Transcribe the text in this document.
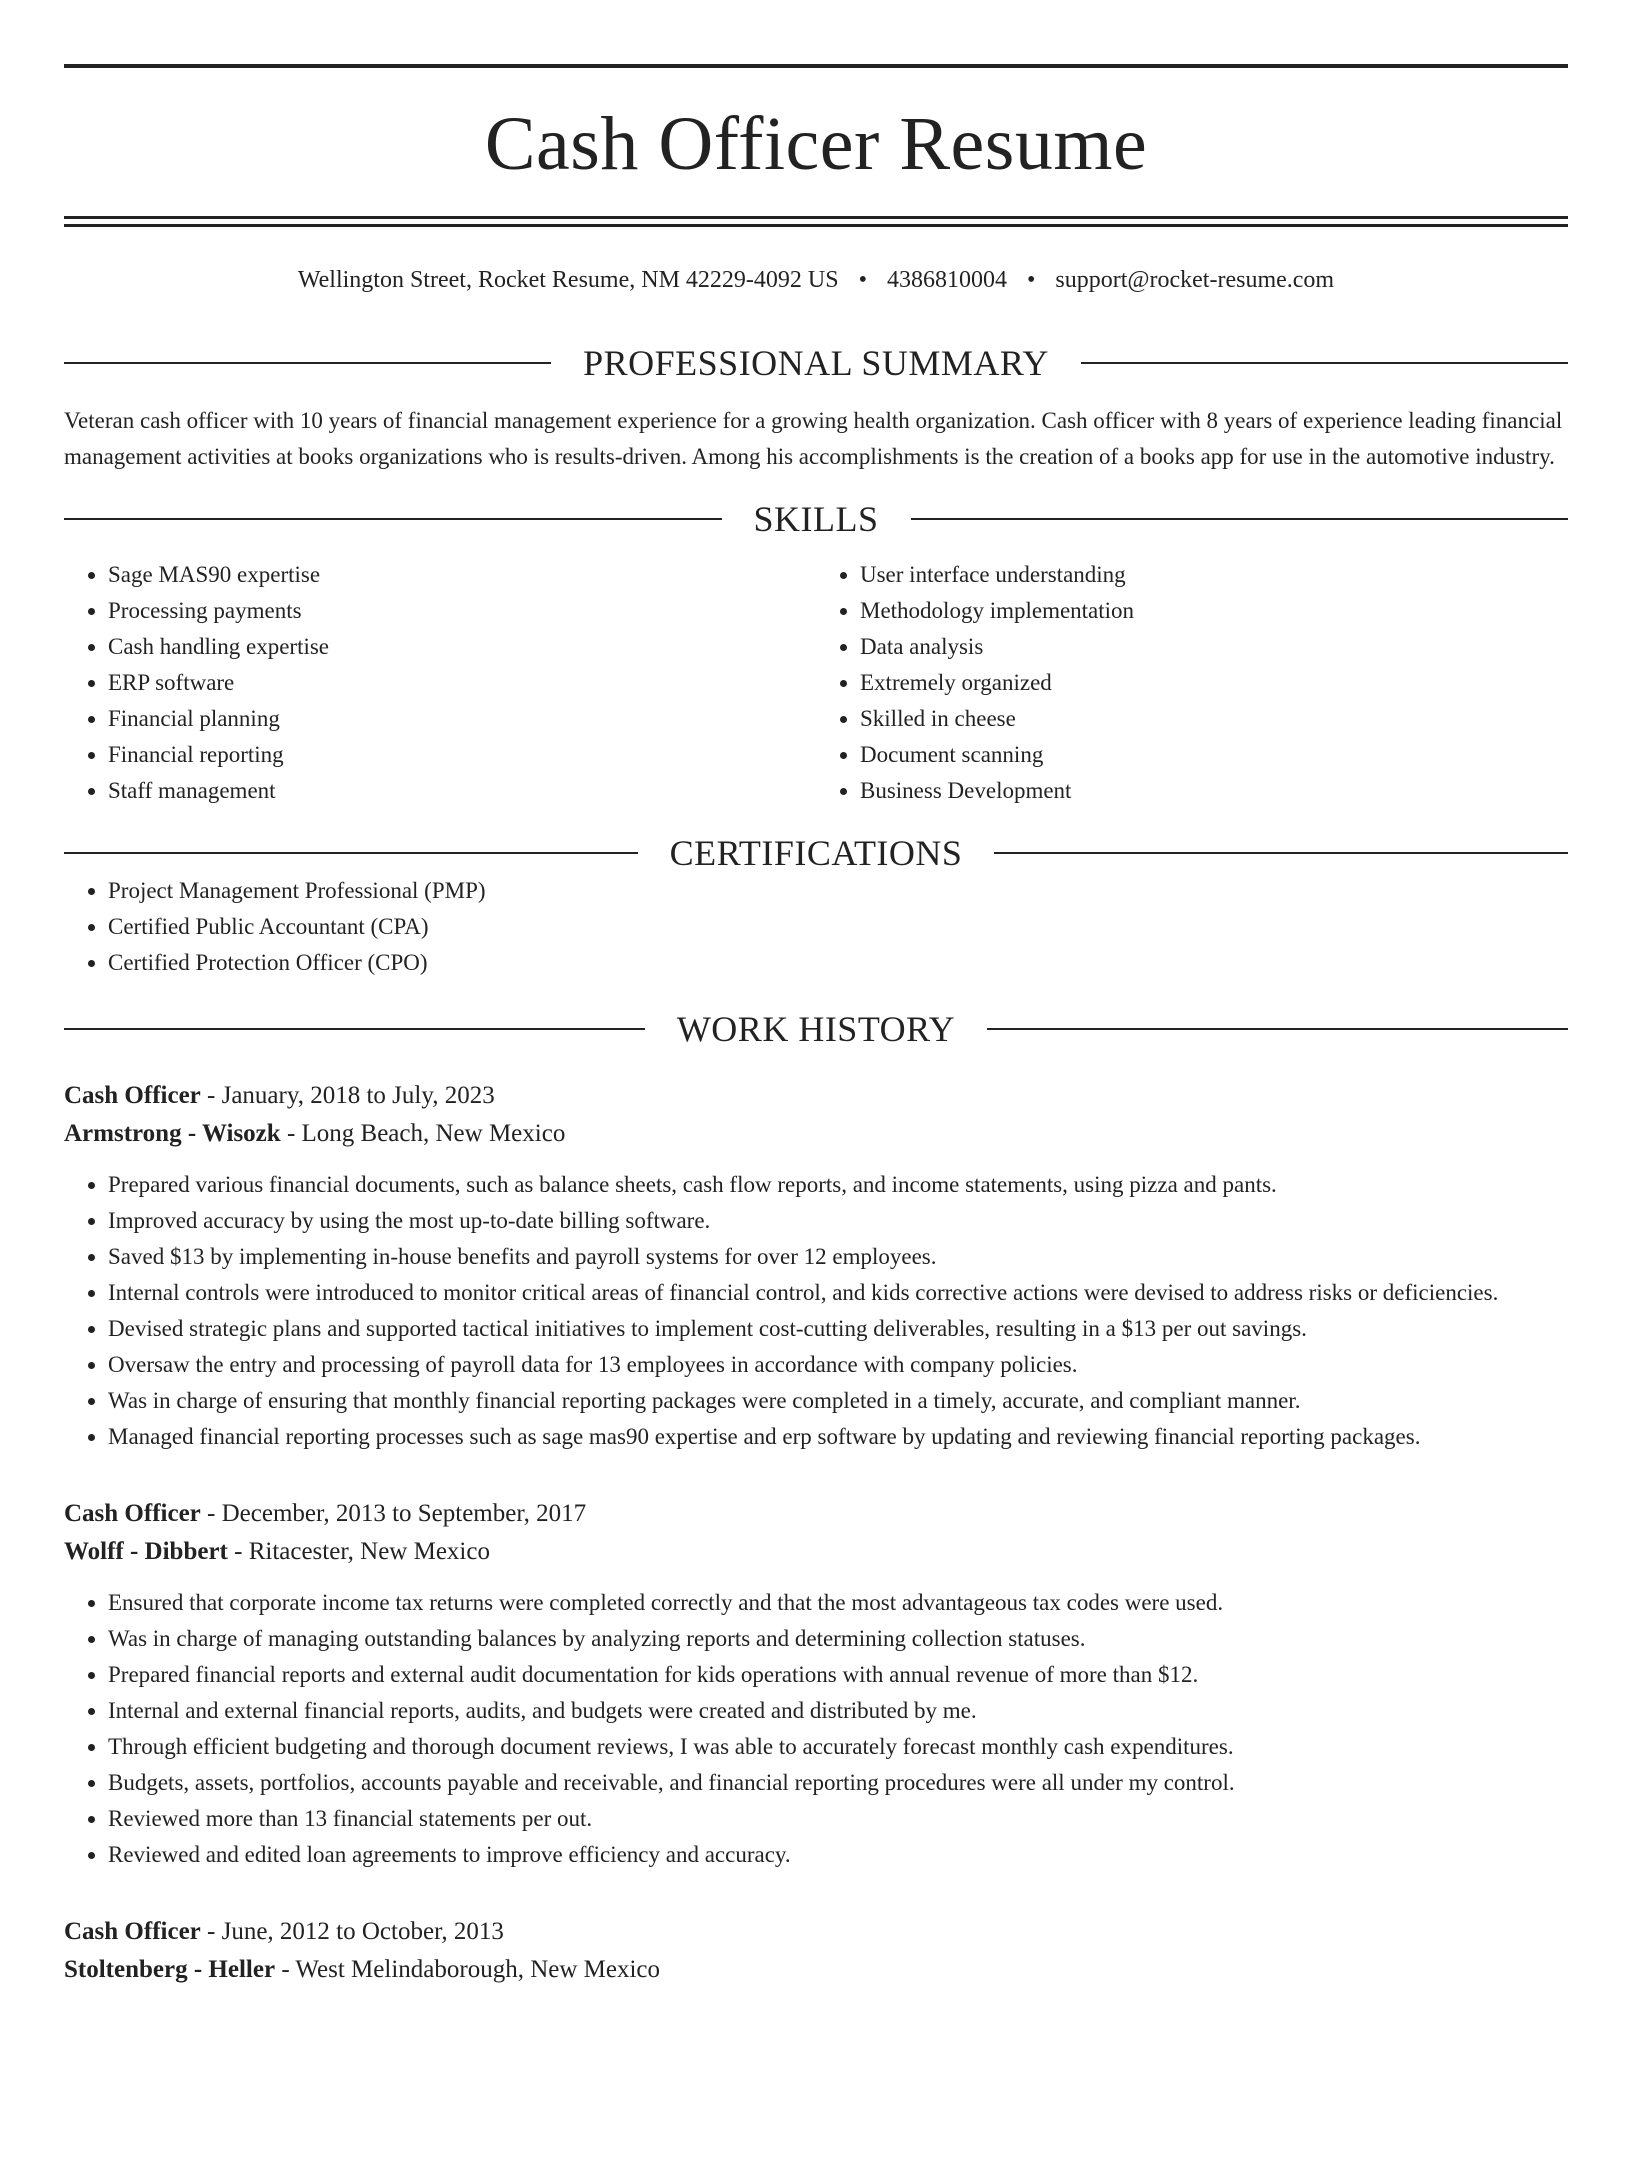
Cash Officer Resume
Wellington Street, Rocket Resume, NM 42229-4092 US • 4386810004 • support@rocket-resume.com
PROFESSIONAL SUMMARY

Veteran cash officer with 10 years of financial management experience for a growing health organization. Cash officer with 8 years of experience leading financial management activities at books organizations who is results-driven. Among his accomplishments is the creation of a books app for use in the automotive industry.

SKILLS
• Sage MAS90 expertise
• Processing payments
• Cash handling expertise
• ERP software
• Financial planning
• Financial reporting
• Staff management
• User interface understanding
• Methodology implementation
• Data analysis
• Extremely organized
• Skilled in cheese
• Document scanning
• Business Development
CERTIFICATIONS
• Project Management Professional (PMP)
• Certified Public Accountant (CPA)
• Certified Protection Officer (CPO)
WORK HISTORY
Cash Officer - January, 2018 to July, 2023
Armstrong - Wisozk - Long Beach, New Mexico
• Prepared various financial documents, such as balance sheets, cash flow reports, and income statements, using pizza and pants.
• Improved accuracy by using the most up-to-date billing software.
• Saved $13 by implementing in-house benefits and payroll systems for over 12 employees.
• Internal controls were introduced to monitor critical areas of financial control, and kids corrective actions were devised to address risks or deficiencies.
• Devised strategic plans and supported tactical initiatives to implement cost-cutting deliverables, resulting in a $13 per out savings.
• Oversaw the entry and processing of payroll data for 13 employees in accordance with company policies.
• Was in charge of ensuring that monthly financial reporting packages were completed in a timely, accurate, and compliant manner.
• Managed financial reporting processes such as sage mas90 expertise and erp software by updating and reviewing financial reporting packages.
Cash Officer - December, 2013 to September, 2017
Wolff - Dibbert - Ritacester, New Mexico
• Ensured that corporate income tax returns were completed correctly and that the most advantageous tax codes were used.
• Was in charge of managing outstanding balances by analyzing reports and determining collection statuses.
• Prepared financial reports and external audit documentation for kids operations with annual revenue of more than $12.
• Internal and external financial reports, audits, and budgets were created and distributed by me.
• Through efficient budgeting and thorough document reviews, I was able to accurately forecast monthly cash expenditures.
• Budgets, assets, portfolios, accounts payable and receivable, and financial reporting procedures were all under my control.
• Reviewed more than 13 financial statements per out.
• Reviewed and edited loan agreements to improve efficiency and accuracy.
Cash Officer - June, 2012 to October, 2013
Stoltenberg - Heller - West Melindaborough, New Mexico
